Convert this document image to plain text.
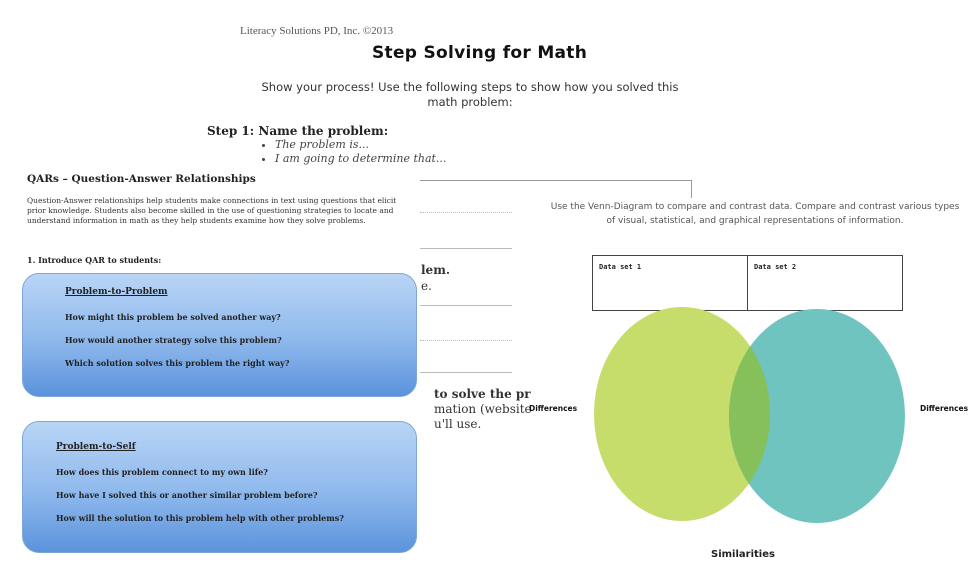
Literacy Solutions PD, Inc. ©2013
Step Solving for Math
Show your process! Use the following steps to show how you solved this math problem:
Step 1: Name the problem:
• The problem is...
• I am going to determine that...
lem.
e.
to solve the pr
mation (website
u'll use.
QARs – Question-Answer Relationships
Question-Answer relationships help students make connections in text using questions that elicit prior knowledge. Students also become skilled in the use of questioning strategies to locate and understand information in math as they help students examine how they solve problems.
1. Introduce QAR to students:
Problem-to-Problem
How might this problem be solved another way?
How would another strategy solve this problem?
Which solution solves this problem the right way?
Problem-to-Self
How does this problem connect to my own life?
How have I solved this or another similar problem before?
How will the solution to this problem help with other problems?
Use the Venn-Diagram to compare and contrast data. Compare and contrast various types of visual, statistical, and graphical representations of information.
Data set 1	Data set 2
Differences	Differences
Similarities
